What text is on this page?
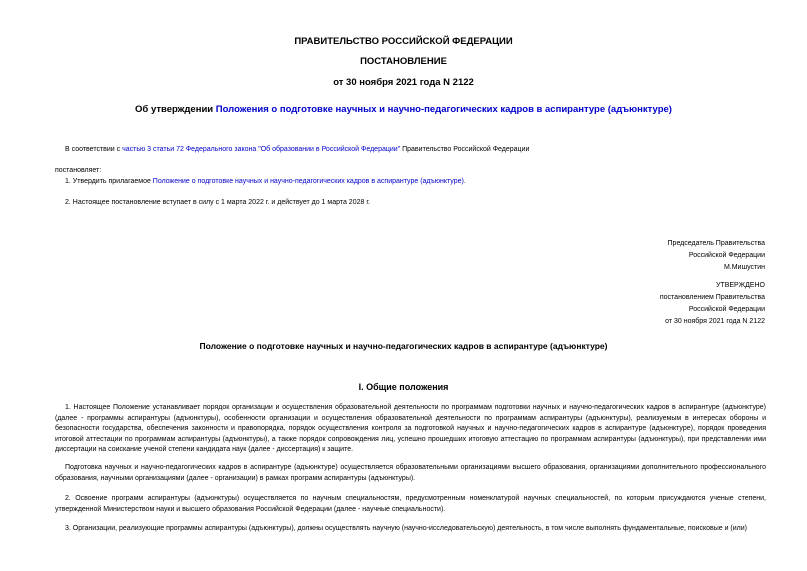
ПРАВИТЕЛЬСТВО РОССИЙСКОЙ ФЕДЕРАЦИИ
ПОСТАНОВЛЕНИЕ
от 30 ноября 2021 года N 2122
Об утверждении Положения о подготовке научных и научно-педагогических кадров в аспирантуре (адъюнктуре)
В соответствии с частью 3 статьи 72 Федерального закона "Об образовании в Российской Федерации" Правительство Российской Федерации
постановляет:
1. Утвердить прилагаемое Положение о подготовке научных и научно-педагогических кадров в аспирантуре (адъюнктуре).
2. Настоящее постановление вступает в силу с 1 марта 2022 г. и действует до 1 марта 2028 г.
Председатель Правительства
Российской Федерации
М.Мишустин
УТВЕРЖДЕНО
постановлением Правительства
Российской Федерации
от 30 ноября 2021 года N 2122
Положение о подготовке научных и научно-педагогических кадров в аспирантуре (адъюнктуре)
I. Общие положения
1. Настоящее Положение устанавливает порядок организации и осуществления образовательной деятельности по программам подготовки научных и научно-педагогических кадров в аспирантуре (адъюнктуре) (далее - программы аспирантуры (адъюнктуры), особенности организации и осуществления образовательной деятельности по программам аспирантуры (адъюнктуры), реализуемым в интересах обороны и безопасности государства, обеспечения законности и правопорядка, порядок осуществления контроля за подготовкой научных и научно-педагогических кадров в аспирантуре (адъюнктуре), порядок проведения итоговой аттестации по программам аспирантуры (адъюнктуры), а также порядок сопровождения лиц, успешно прошедших итоговую аттестацию по программам аспирантуры (адъюнктуры), при представлении ими диссертации на соискание ученой степени кандидата наук (далее - диссертация) к защите.
Подготовка научных и научно-педагогических кадров в аспирантуре (адъюнктуре) осуществляется образовательными организациями высшего образования, организациями дополнительного профессионального образования, научными организациями (далее - организации) в рамках программ аспирантуры (адъюнктуры).
2. Освоение программ аспирантуры (адъюнктуры) осуществляется по научным специальностям, предусмотренным номенклатурой научных специальностей, по которым присуждаются ученые степени, утвержденной Министерством науки и высшего образования Российской Федерации (далее - научные специальности).
3. Организации, реализующие программы аспирантуры (адъюнктуры), должны осуществлять научную (научно-исследовательскую) деятельность, в том числе выполнять фундаментальные, поисковые и (или)
